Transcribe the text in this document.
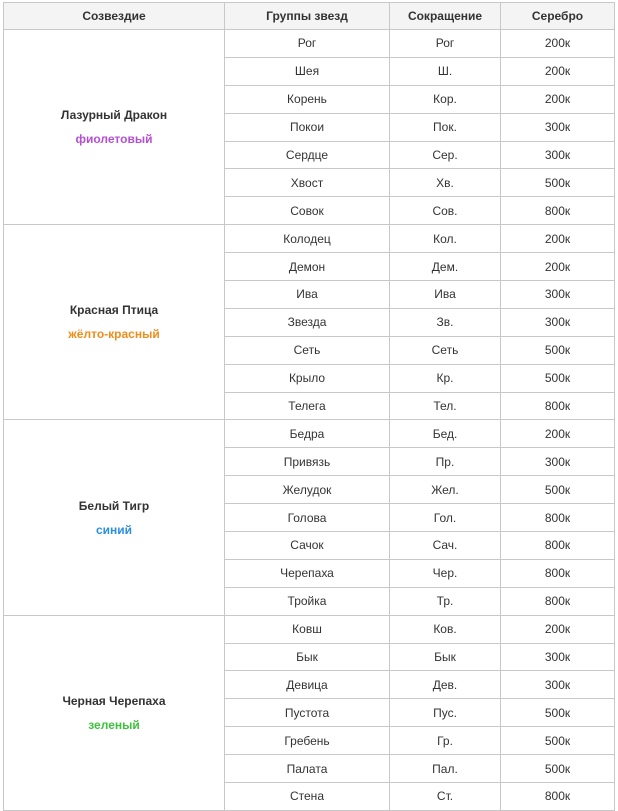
Созвездие	Группы звезд	Сокращение	Серебро

Лазурный Дракон
фиолетовый	Рог	Рог	200к
	Шея	Ш.	200к
	Корень	Кор.	200к
	Покои	Пок.	300к
	Сердце	Сер.	300к
	Хвост	Хв.	500к
	Совок	Сов.	800к

Красная Птица
жёлто-красный	Колодец	Кол.	200к
	Демон	Дем.	200к
	Ива	Ива	300к
	Звезда	Зв.	300к
	Сеть	Сеть	500к
	Крыло	Кр.	500к
	Телега	Тел.	800к

Белый Тигр
синий	Бедра	Бед.	200к
	Привязь	Пр.	300к
	Желудок	Жел.	500к
	Голова	Гол.	800к
	Сачок	Сач.	800к
	Черепаха	Чер.	800к
	Тройка	Тр.	800к

Черная Черепаха
зеленый	Ковш	Ков.	200к
	Бык	Бык	300к
	Девица	Дев.	300к
	Пустота	Пус.	500к
	Гребень	Гр.	500к
	Палата	Пал.	500к
	Стена	Ст.	800к
